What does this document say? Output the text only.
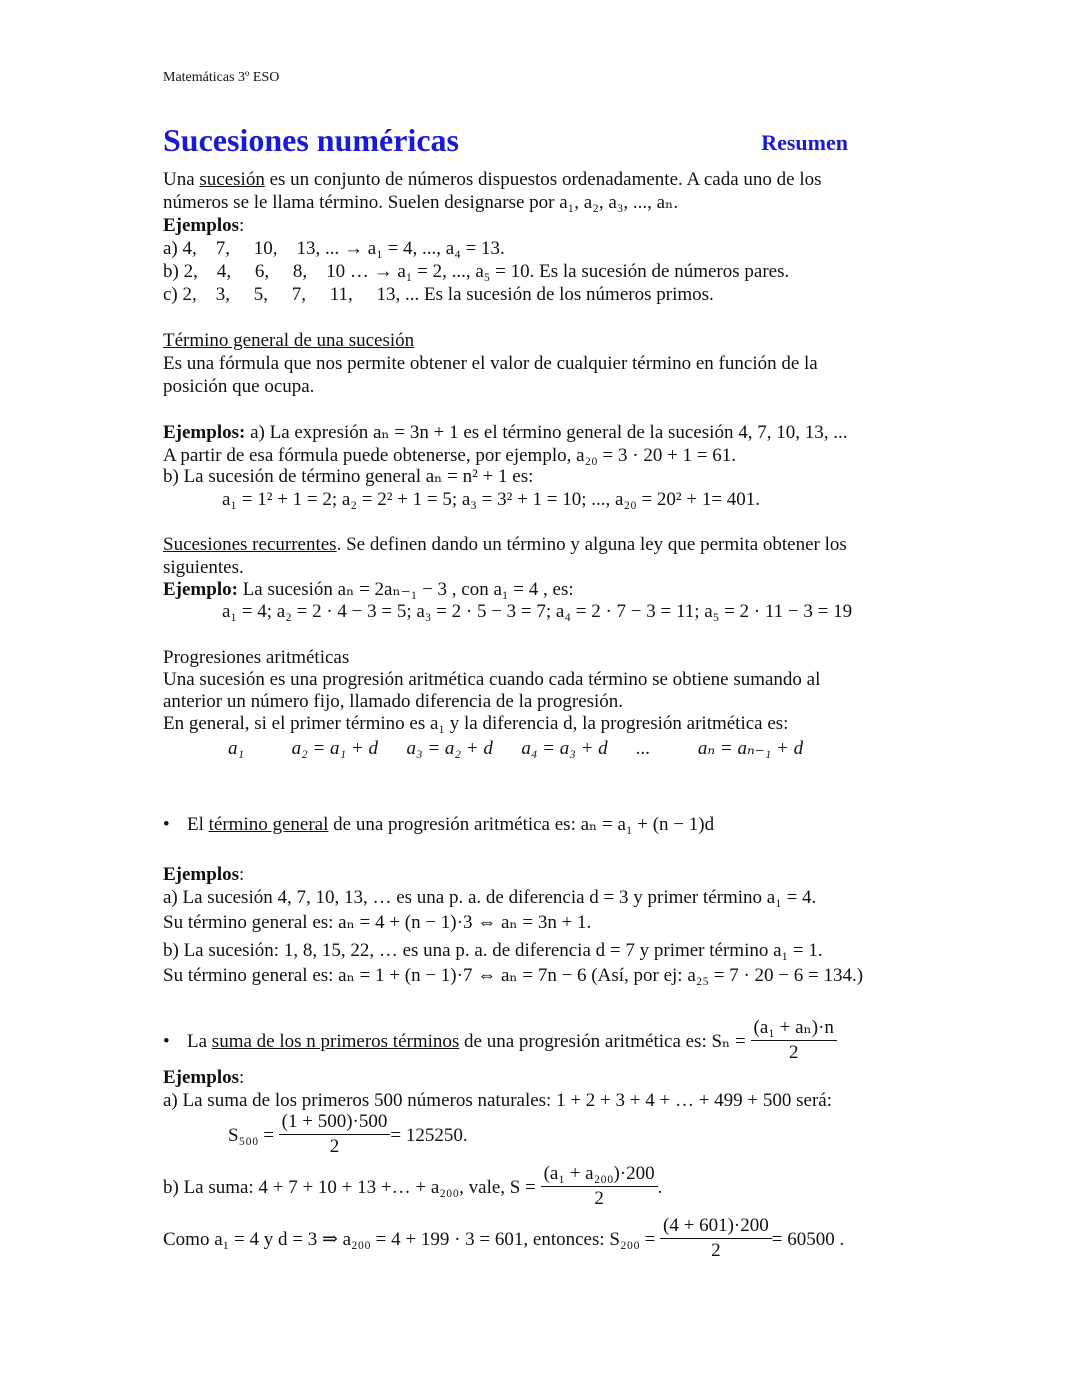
Matemáticas 3º ESO
Sucesiones numéricas	Resumen
Una sucesión es un conjunto de números dispuestos ordenadamente. A cada uno de los
números se le llama término. Suelen designarse por a₁, a₂, a₃, ..., aₙ.
Ejemplos:
a) 4,    7,     10,    13, ... → a₁ = 4, ..., a₄ = 13.
b) 2,    4,     6,     8,    10 … → a₁ = 2, ..., a₅ = 10. Es la sucesión de números pares.
c) 2,    3,     5,     7,     11,     13, ... Es la sucesión de los números primos.
Término general de una sucesión
Es una fórmula que nos permite obtener el valor de cualquier término en función de la
posición que ocupa.
Ejemplos: a) La expresión aₙ = 3n + 1 es el término general de la sucesión 4, 7, 10, 13, ...
A partir de esa fórmula puede obtenerse, por ejemplo, a₂₀ = 3 · 20 + 1 = 61.
b) La sucesión de término general aₙ = n² + 1 es:
a₁ = 1² + 1 = 2; a₂ = 2² + 1 = 5; a₃ = 3² + 1 = 10; ..., a₂₀ = 20² + 1= 401.
Sucesiones recurrentes. Se definen dando un término y alguna ley que permita obtener los
siguientes.
Ejemplo: La sucesión aₙ = 2aₙ₋₁ − 3 , con a₁ = 4 , es:
a₁ = 4; a₂ = 2 · 4 − 3 = 5; a₃ = 2 · 5 − 3 = 7; a₄ = 2 · 7 − 3 = 11; a₅ = 2 · 11 − 3 = 19
Progresiones aritméticas
Una sucesión es una progresión aritmética cuando cada término se obtiene sumando al
anterior un número fijo, llamado diferencia de la progresión.
En general, si el primer término es a₁ y la diferencia d, la progresión aritmética es:
a₁          a₂ = a₁ + d      a₃ = a₂ + d      a₄ = a₃ + d      ...          aₙ = aₙ₋₁ + d
• El término general de una progresión aritmética es: aₙ = a₁ + (n − 1)d
Ejemplos:
a) La sucesión 4, 7, 10, 13, … es una p. a. de diferencia d = 3 y primer término a₁ = 4.
Su término general es: aₙ = 4 + (n − 1)·3 ⇔ aₙ = 3n + 1.
b) La sucesión: 1, 8, 15, 22, … es una p. a. de diferencia d = 7 y primer término a₁ = 1.
Su término general es: aₙ = 1 + (n − 1)·7 ⇔ aₙ = 7n − 6 (Así, por ej: a₂₅ = 7 · 20 − 6 = 134.)
• La suma de los n primeros términos de una progresión aritmética es: $S_n = \frac{\text{(a₁ + aₙ)·n}}{2}$
Ejemplos:
a) La suma de los primeros 500 números naturales: 1 + 2 + 3 + 4 + … + 499 + 500 será:
$S_{500} = \frac{(1 + 500)\cdot 500}{2} = 125250$.
b) La suma: 4 + 7 + 10 + 13 +… + a₂₀₀, vale, $S = \frac{\text{(a₁ + a₂₀₀)·200}}{2}$ .
Como a₁ = 4 y d = 3 ⇒ a₂₀₀ = 4 + 199 · 3 = 601, entonces: $S_{200} = \frac{(4 + 601)\cdot 200}{2} = 60500$ .
